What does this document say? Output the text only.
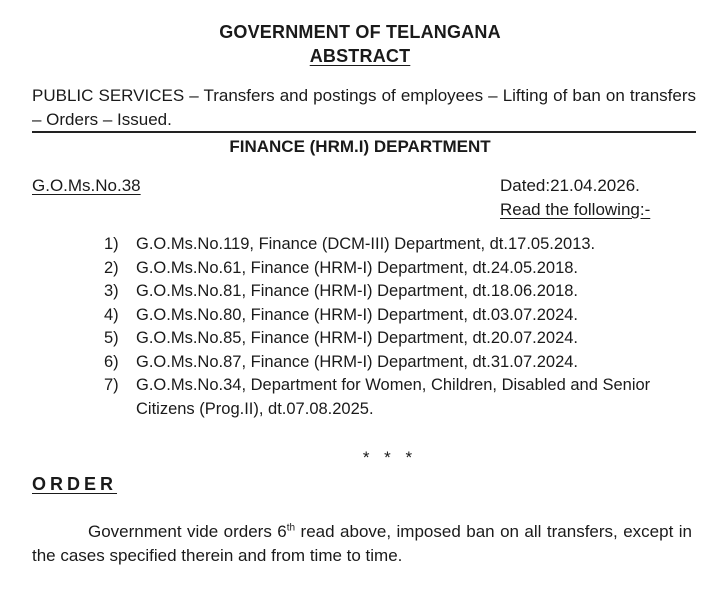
GOVERNMENT OF TELANGANA
ABSTRACT
PUBLIC SERVICES – Transfers and postings of employees – Lifting of ban on transfers – Orders – Issued.
FINANCE (HRM.I) DEPARTMENT
G.O.Ms.No.38	Dated:21.04.2026.
Read the following:-
1)	G.O.Ms.No.119, Finance (DCM-III) Department, dt.17.05.2013.
2)	G.O.Ms.No.61, Finance (HRM-I) Department, dt.24.05.2018.
3)	G.O.Ms.No.81, Finance (HRM-I) Department, dt.18.06.2018.
4)	G.O.Ms.No.80, Finance (HRM-I) Department, dt.03.07.2024.
5)	G.O.Ms.No.85, Finance (HRM-I) Department, dt.20.07.2024.
6)	G.O.Ms.No.87, Finance (HRM-I) Department, dt.31.07.2024.
7)	G.O.Ms.No.34, Department for Women, Children, Disabled and Senior Citizens (Prog.II), dt.07.08.2025.
* * *
ORDER
Government vide orders 6th read above, imposed ban on all transfers, except in the cases specified therein and from time to time.
